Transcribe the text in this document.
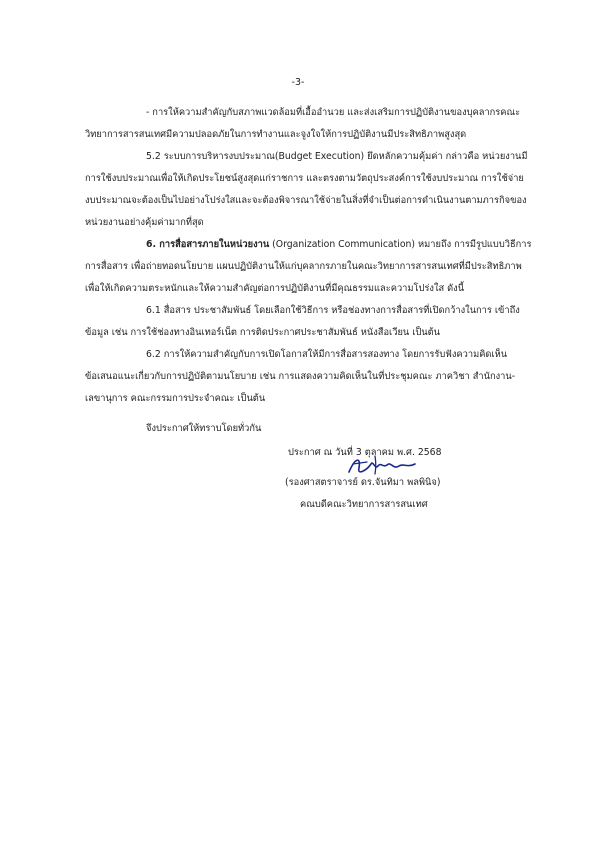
-3-
- การให้ความสำคัญกับสภาพแวดล้อมที่เอื้ออำนวย และส่งเสริมการปฏิบัติงานของบุคลากรคณะ
วิทยาการสารสนเทศมีความปลอดภัยในการทำงานและจูงใจให้การปฏิบัติงานมีประสิทธิภาพสูงสุด
5.2 ระบบการบริหารงบประมาณ(Budget Execution) ยึดหลักความคุ้มค่า กล่าวคือ หน่วยงานมี
การใช้งบประมาณเพื่อให้เกิดประโยชน์สูงสุดแก่ราชการ และตรงตามวัตถุประสงค์การใช้งบประมาณ การใช้จ่าย
งบประมาณจะต้องเป็นไปอย่างโปร่งใสและจะต้องพิจารณาใช้จ่ายในสิ่งที่จำเป็นต่อการดำเนินงานตามภารกิจของ
หน่วยงานอย่างคุ้มค่ามากที่สุด
6. การสื่อสารภายในหน่วยงาน (Organization Communication) หมายถึง การมีรูปแบบวิธีการ
การสื่อสาร เพื่อถ่ายทอดนโยบาย แผนปฏิบัติงานให้แก่บุคลากรภายในคณะวิทยาการสารสนเทศที่มีประสิทธิภาพ
เพื่อให้เกิดความตระหนักและให้ความสำคัญต่อการปฏิบัติงานที่มีคุณธรรมและความโปร่งใส ดังนี้
6.1 สื่อสาร ประชาสัมพันธ์ โดยเลือกใช้วิธีการ หรือช่องทางการสื่อสารที่เปิดกว้างในการ เข้าถึง
ข้อมูล เช่น การใช้ช่องทางอินเทอร์เน็ต การติดประกาศประชาสัมพันธ์ หนังสือเวียน เป็นต้น
6.2 การให้ความสำคัญกับการเปิดโอกาสให้มีการสื่อสารสองทาง โดยการรับฟังความคิดเห็น
ข้อเสนอแนะเกี่ยวกับการปฏิบัติตามนโยบาย เช่น การแสดงความคิดเห็นในที่ประชุมคณะ ภาควิชา สำนักงาน-
เลขานุการ คณะกรรมการประจำคณะ เป็นต้น
จึงประกาศให้ทราบโดยทั่วกัน
ประกาศ ณ วันที่ 3 ตุลาคม พ.ศ. 2568
(รองศาสตราจารย์ ดร.จันทิมา พลพินิจ)
คณบดีคณะวิทยาการสารสนเทศ
